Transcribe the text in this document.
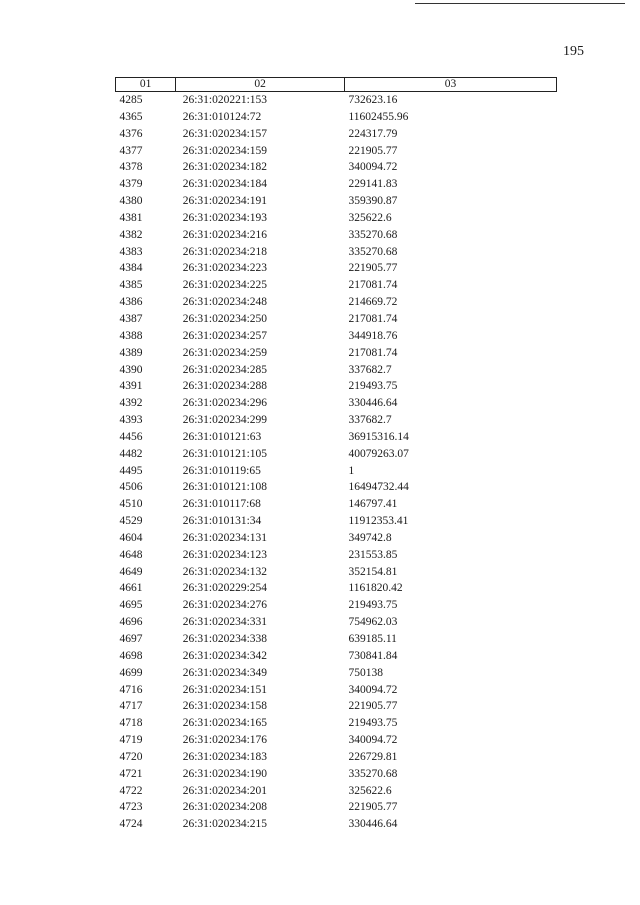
195
01	02	03
4285	26:31:020221:153	732623.16
4365	26:31:010124:72	11602455.96
4376	26:31:020234:157	224317.79
4377	26:31:020234:159	221905.77
4378	26:31:020234:182	340094.72
4379	26:31:020234:184	229141.83
4380	26:31:020234:191	359390.87
4381	26:31:020234:193	325622.6
4382	26:31:020234:216	335270.68
4383	26:31:020234:218	335270.68
4384	26:31:020234:223	221905.77
4385	26:31:020234:225	217081.74
4386	26:31:020234:248	214669.72
4387	26:31:020234:250	217081.74
4388	26:31:020234:257	344918.76
4389	26:31:020234:259	217081.74
4390	26:31:020234:285	337682.7
4391	26:31:020234:288	219493.75
4392	26:31:020234:296	330446.64
4393	26:31:020234:299	337682.7
4456	26:31:010121:63	36915316.14
4482	26:31:010121:105	40079263.07
4495	26:31:010119:65	1
4506	26:31:010121:108	16494732.44
4510	26:31:010117:68	146797.41
4529	26:31:010131:34	11912353.41
4604	26:31:020234:131	349742.8
4648	26:31:020234:123	231553.85
4649	26:31:020234:132	352154.81
4661	26:31:020229:254	1161820.42
4695	26:31:020234:276	219493.75
4696	26:31:020234:331	754962.03
4697	26:31:020234:338	639185.11
4698	26:31:020234:342	730841.84
4699	26:31:020234:349	750138
4716	26:31:020234:151	340094.72
4717	26:31:020234:158	221905.77
4718	26:31:020234:165	219493.75
4719	26:31:020234:176	340094.72
4720	26:31:020234:183	226729.81
4721	26:31:020234:190	335270.68
4722	26:31:020234:201	325622.6
4723	26:31:020234:208	221905.77
4724	26:31:020234:215	330446.64
